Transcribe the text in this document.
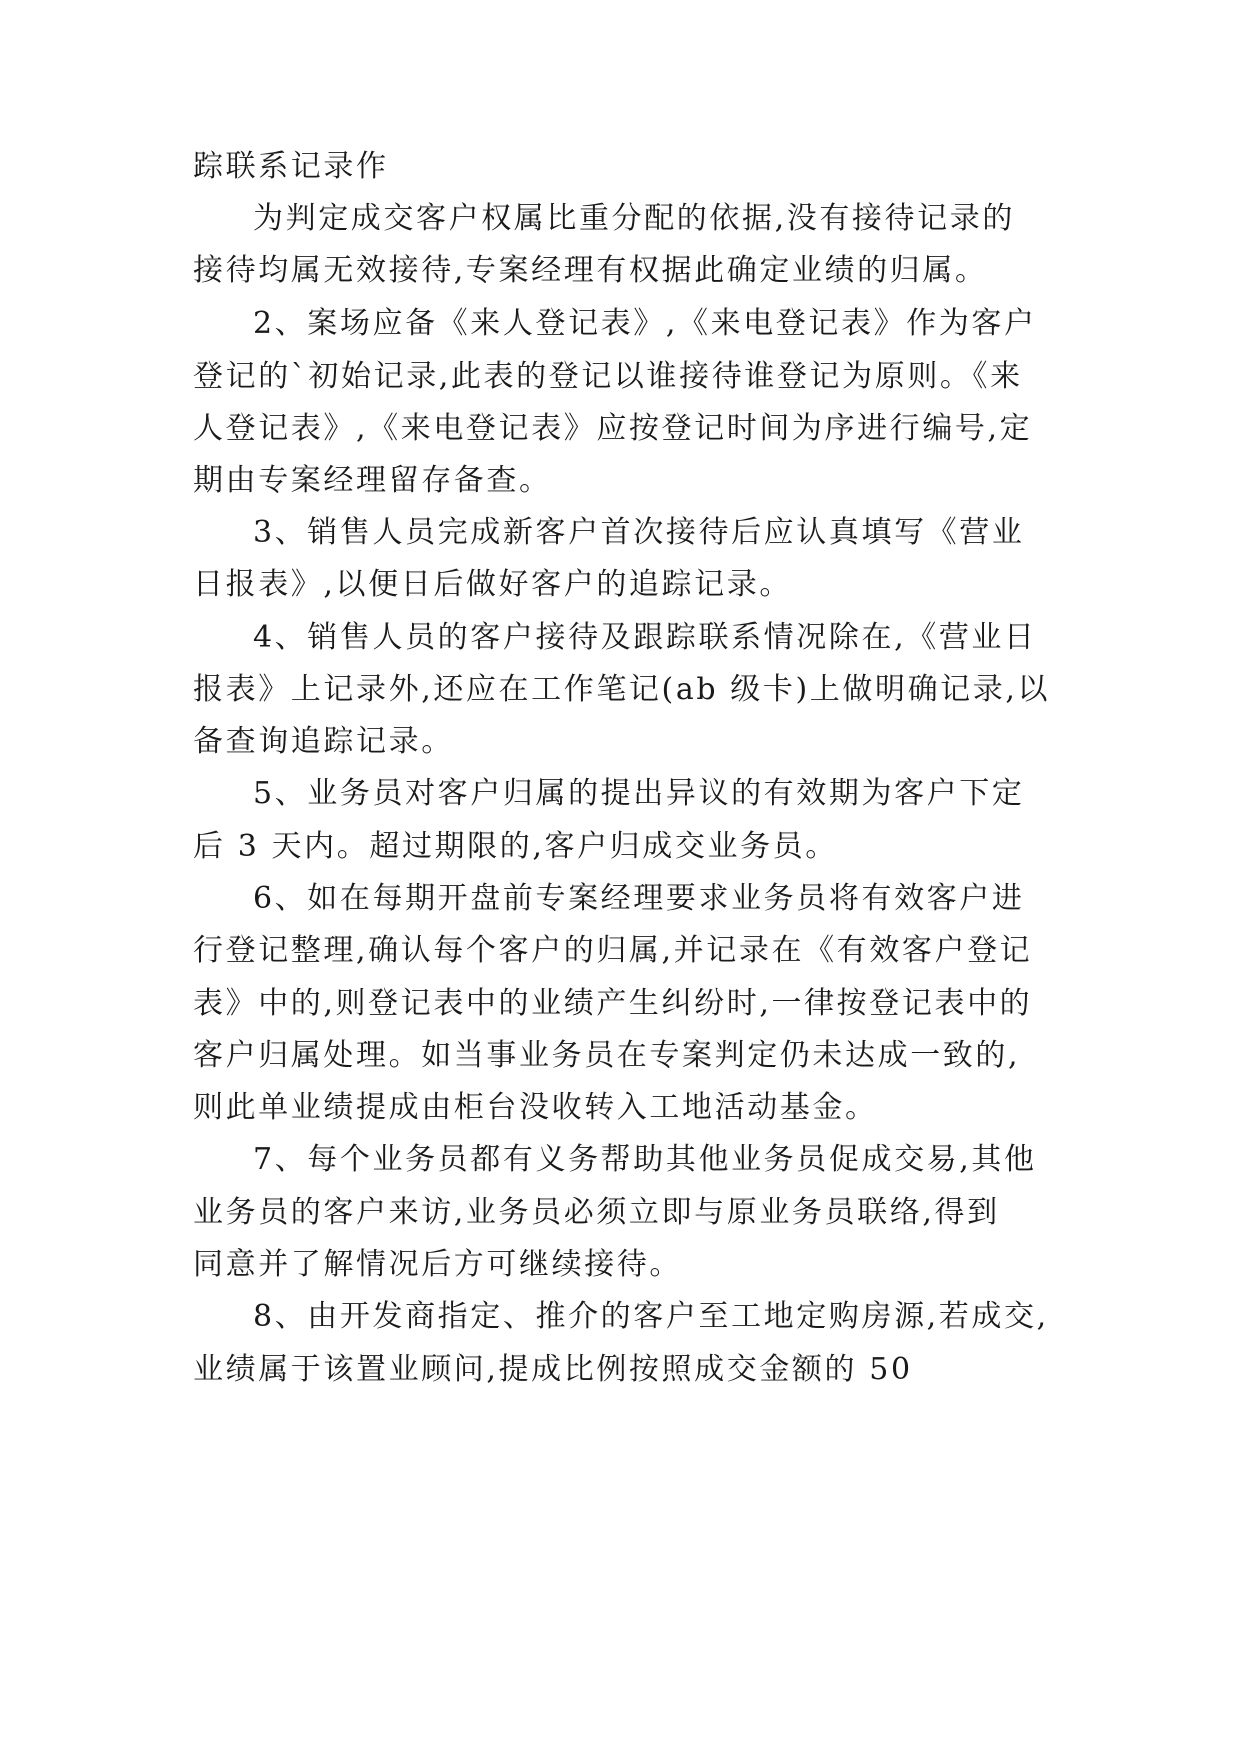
踪联系记录作
为判定成交客户权属比重分配的依据,没有接待记录的
接待均属无效接待,专案经理有权据此确定业绩的归属。
2、案场应备《来人登记表》,《来电登记表》作为客户
登记的`初始记录,此表的登记以谁接待谁登记为原则。《来
人登记表》,《来电登记表》应按登记时间为序进行编号,定
期由专案经理留存备查。
3、销售人员完成新客户首次接待后应认真填写《营业
日报表》,以便日后做好客户的追踪记录。
4、销售人员的客户接待及跟踪联系情况除在,《营业日
报表》上记录外,还应在工作笔记(ab 级卡)上做明确记录,以
备查询追踪记录。
5、业务员对客户归属的提出异议的有效期为客户下定
后 3 天内。超过期限的,客户归成交业务员。
6、如在每期开盘前专案经理要求业务员将有效客户进
行登记整理,确认每个客户的归属,并记录在《有效客户登记
表》中的,则登记表中的业绩产生纠纷时,一律按登记表中的
客户归属处理。如当事业务员在专案判定仍未达成一致的,
则此单业绩提成由柜台没收转入工地活动基金。
7、每个业务员都有义务帮助其他业务员促成交易,其他
业务员的客户来访,业务员必须立即与原业务员联络,得到
同意并了解情况后方可继续接待。
8、由开发商指定、推介的客户至工地定购房源,若成交,
业绩属于该置业顾问,提成比例按照成交金额的 50
